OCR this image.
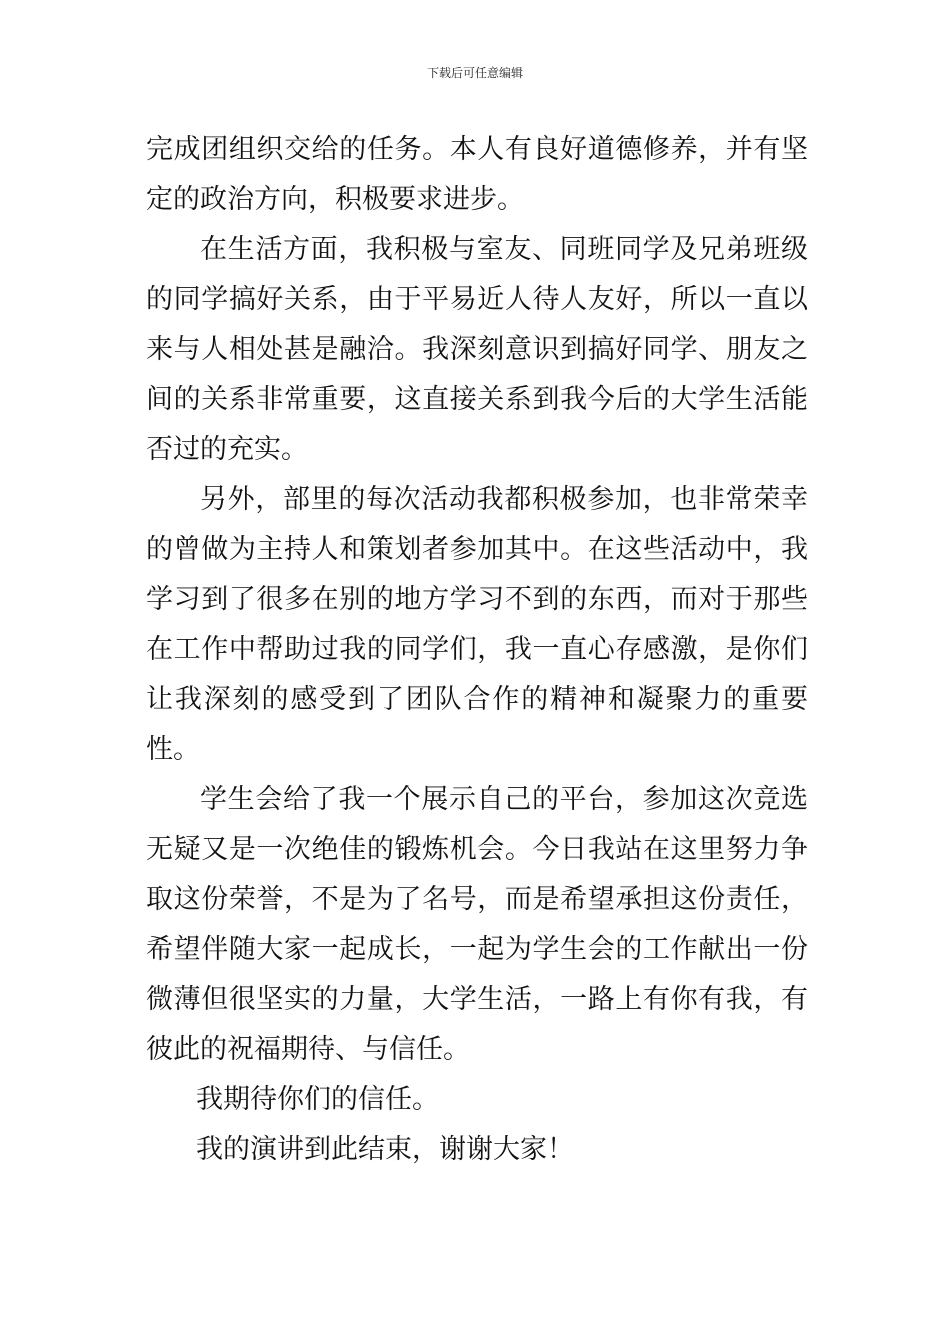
下载后可任意编辑

完成团组织交给的任务。本人有良好道德修养，并有坚定的政治方向，积极要求进步。

在生活方面，我积极与室友、同班同学及兄弟班级的同学搞好关系，由于平易近人待人友好，所以一直以来与人相处甚是融洽。我深刻意识到搞好同学、朋友之间的关系非常重要，这直接关系到我今后的大学生活能否过的充实。

另外，部里的每次活动我都积极参加，也非常荣幸的曾做为主持人和策划者参加其中。在这些活动中，我学习到了很多在别的地方学习不到的东西，而对于那些在工作中帮助过我的同学们，我一直心存感激，是你们让我深刻的感受到了团队合作的精神和凝聚力的重要性。

学生会给了我一个展示自己的平台，参加这次竞选无疑又是一次绝佳的锻炼机会。今日我站在这里努力争取这份荣誉，不是为了名号，而是希望承担这份责任，希望伴随大家一起成长，一起为学生会的工作献出一份微薄但很坚实的力量，大学生活，一路上有你有我，有彼此的祝福期待、与信任。

我期待你们的信任。

我的演讲到此结束，谢谢大家！
